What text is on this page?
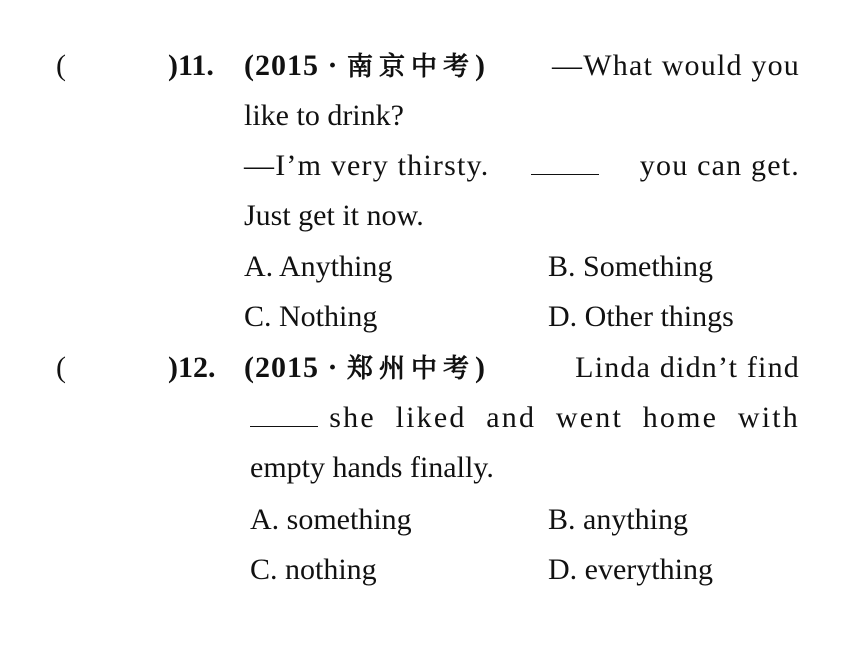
(	)11. (2015 · 南京中考) —What would you
like to drink?
—I’m very thirsty.	you can get.
Just get it now.
A. Anything	B. Something
C. Nothing	D. Other things
(	)12. (2015 · 郑州中考)	Linda didn’t find
she liked and went home with
empty hands finally.
A. something	B. anything
C. nothing	D. everything
